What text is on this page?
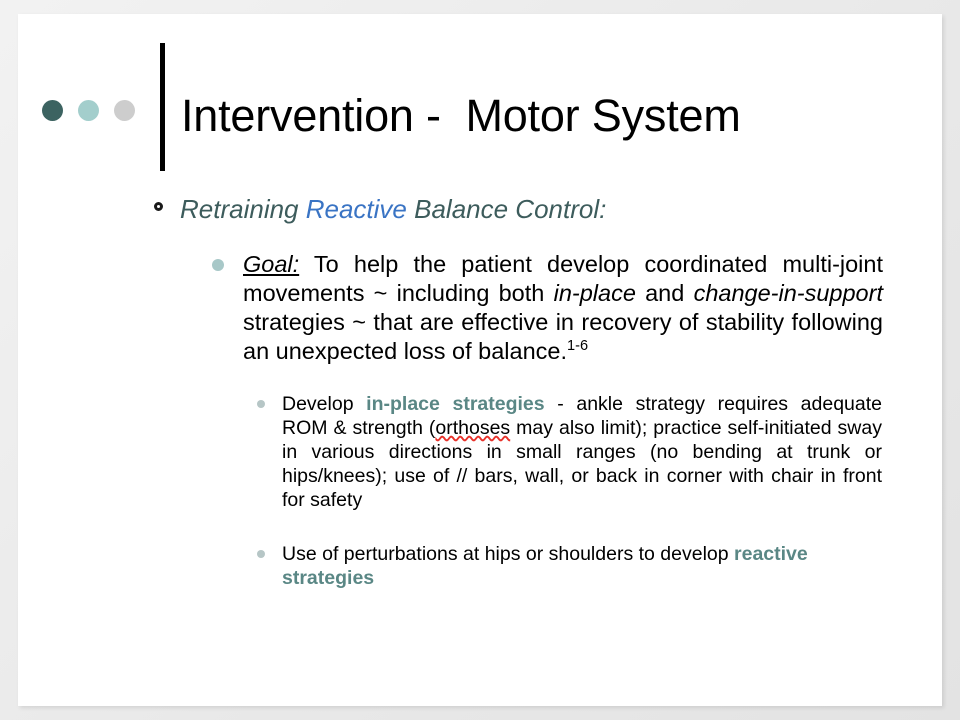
Intervention -  Motor System
Retraining Reactive Balance Control:
Goal: To help the patient develop coordinated multi-joint movements ~ including both in-place and change-in-support strategies ~ that are effective in recovery of stability following an unexpected loss of balance.$^{1-6}$
Develop in-place strategies - ankle strategy requires adequate ROM & strength (orthoses may also limit); practice self-initiated sway in various directions in small ranges (no bending at trunk or hips/knees); use of // bars, wall, or back in corner with chair in front for safety
Use of perturbations at hips or shoulders to develop reactive strategies
